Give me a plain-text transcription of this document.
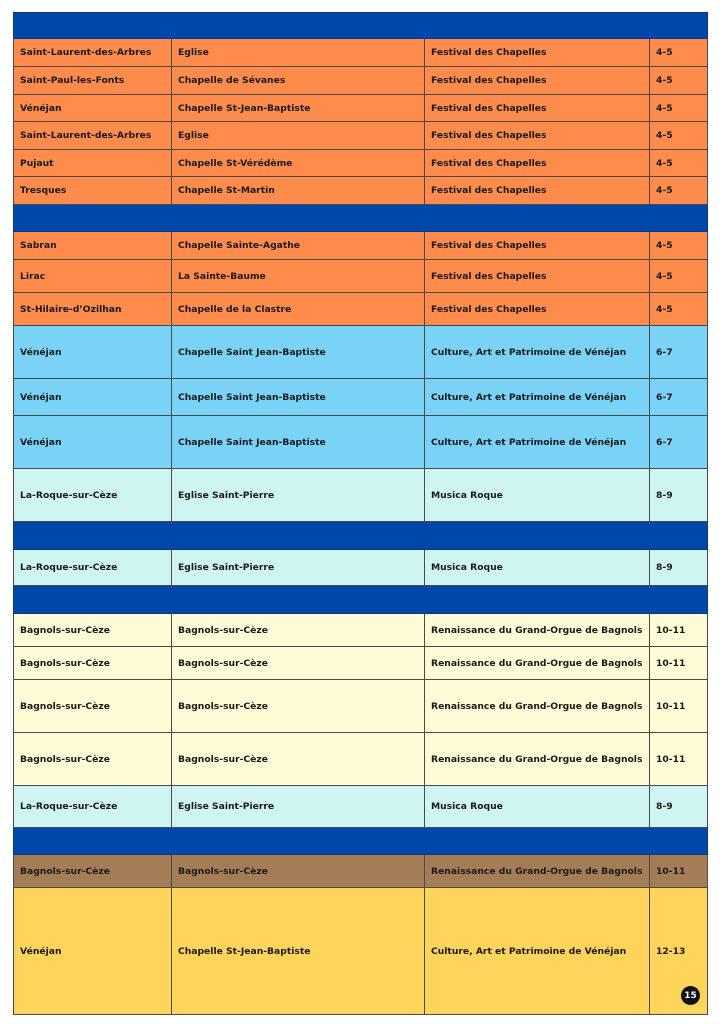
Saint-Laurent-des-Arbres	Eglise	Festival des Chapelles	4-5
Saint-Paul-les-Fonts	Chapelle de Sévanes	Festival des Chapelles	4-5
Vénéjan	Chapelle St-Jean-Baptiste	Festival des Chapelles	4-5
Saint-Laurent-des-Arbres	Eglise	Festival des Chapelles	4-5
Pujaut	Chapelle St-Vérédème	Festival des Chapelles	4-5
Tresques	Chapelle St-Martin	Festival des Chapelles	4-5
Sabran	Chapelle Sainte-Agathe	Festival des Chapelles	4-5
Lirac	La Sainte-Baume	Festival des Chapelles	4-5
St-Hilaire-d’Ozilhan	Chapelle de la Clastre	Festival des Chapelles	4-5
Vénéjan	Chapelle Saint Jean-Baptiste	Culture, Art et Patrimoine de Vénéjan	6-7
Vénéjan	Chapelle Saint Jean-Baptiste	Culture, Art et Patrimoine de Vénéjan	6-7
Vénéjan	Chapelle Saint Jean-Baptiste	Culture, Art et Patrimoine de Vénéjan	6-7
La-Roque-sur-Cèze	Eglise Saint-Pierre	Musica Roque	8-9
La-Roque-sur-Cèze	Eglise Saint-Pierre	Musica Roque	8-9
Bagnols-sur-Cèze	Bagnols-sur-Cèze	Renaissance du Grand-Orgue de Bagnols	10-11
Bagnols-sur-Cèze	Bagnols-sur-Cèze	Renaissance du Grand-Orgue de Bagnols	10-11
Bagnols-sur-Cèze	Bagnols-sur-Cèze	Renaissance du Grand-Orgue de Bagnols	10-11
Bagnols-sur-Cèze	Bagnols-sur-Cèze	Renaissance du Grand-Orgue de Bagnols	10-11
La-Roque-sur-Cèze	Eglise Saint-Pierre	Musica Roque	8-9
Bagnols-sur-Cèze	Bagnols-sur-Cèze	Renaissance du Grand-Orgue de Bagnols	10-11
Vénéjan	Chapelle St-Jean-Baptiste	Culture, Art et Patrimoine de Vénéjan	12-13
15
